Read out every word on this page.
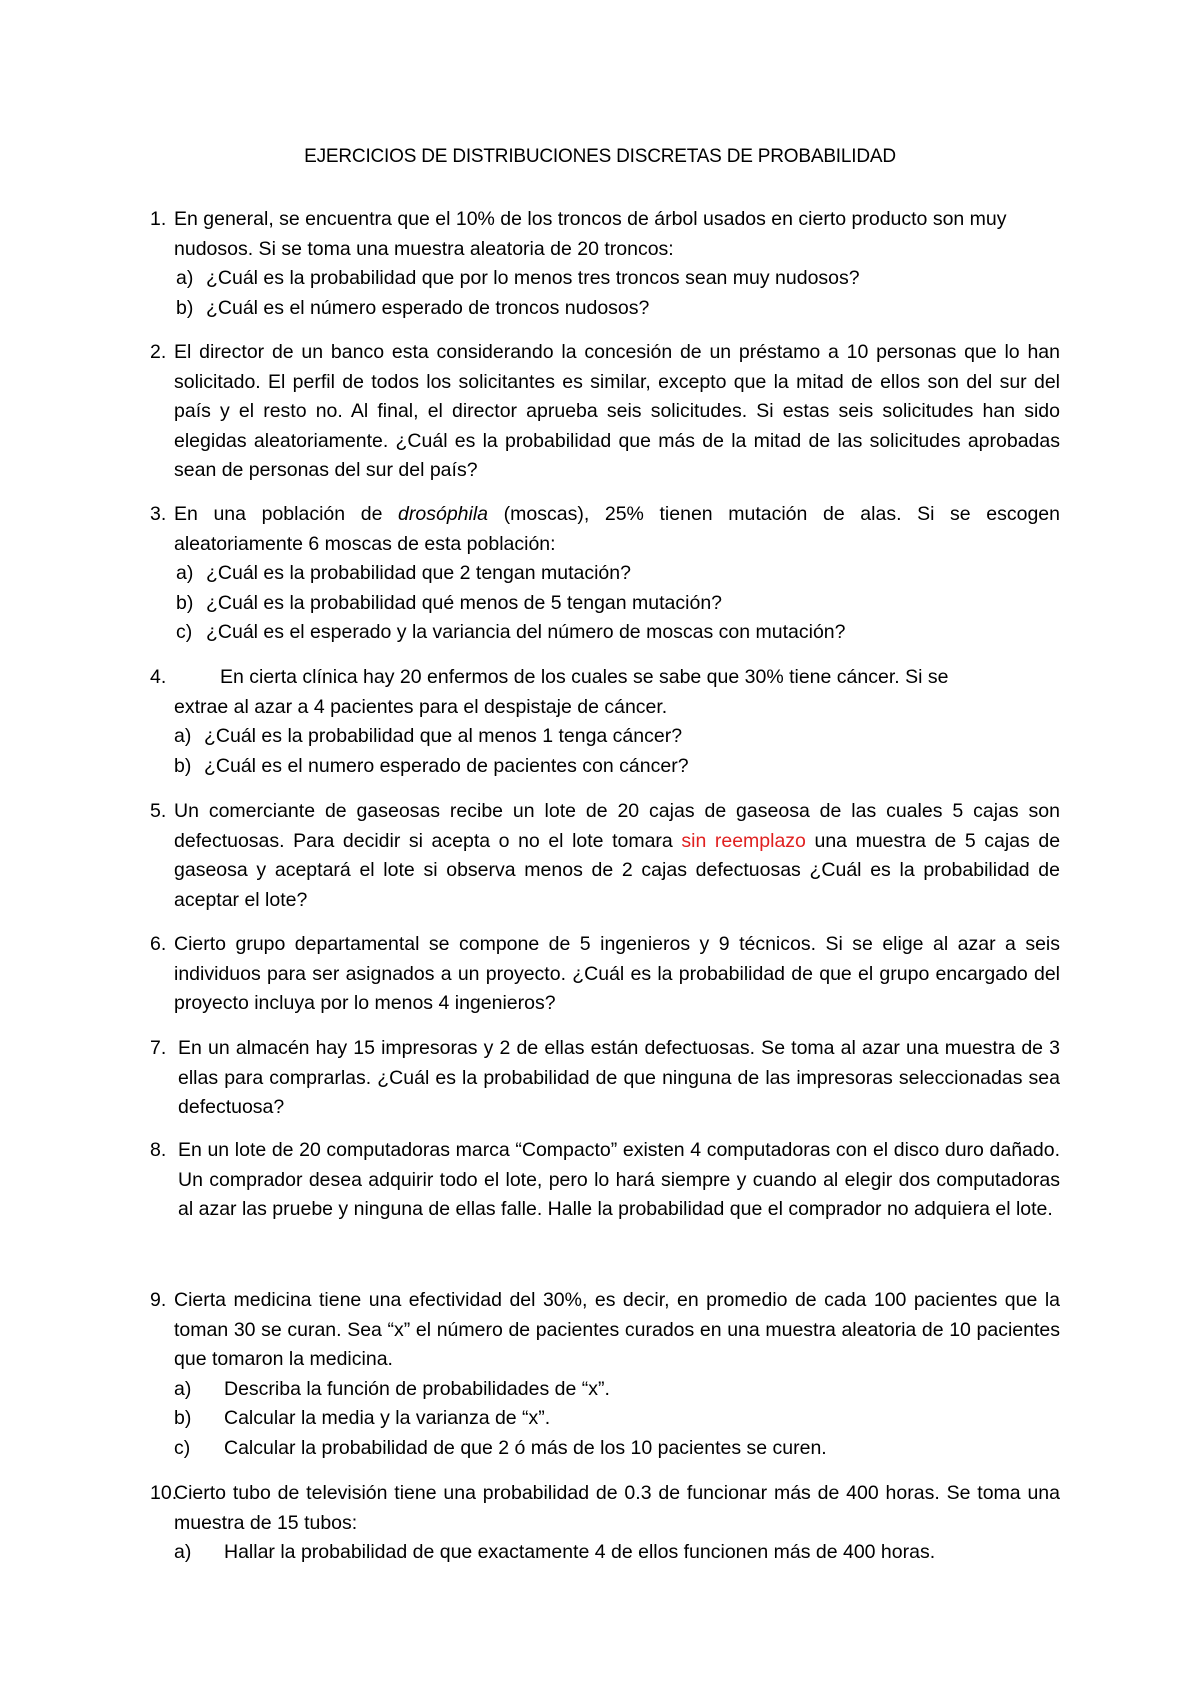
EJERCICIOS DE DISTRIBUCIONES DISCRETAS DE PROBABILIDAD
1. En general, se encuentra que el 10% de los troncos de árbol usados en cierto producto son muy nudosos. Si se toma una muestra aleatoria de 20 troncos:
a) ¿Cuál es la probabilidad que por lo menos tres troncos sean muy nudosos?
b) ¿Cuál es el número esperado de troncos nudosos?
2. El director de un banco esta considerando la concesión de un préstamo a 10 personas que lo han solicitado. El perfil de todos los solicitantes es similar, excepto que la mitad de ellos son del sur del país y el resto no. Al final, el director aprueba seis solicitudes. Si estas seis solicitudes han sido elegidas aleatoriamente. ¿Cuál es la probabilidad que más de la mitad de las solicitudes aprobadas sean de personas del sur del país?
3. En una población de drosóphila (moscas), 25% tienen mutación de alas. Si se escogen aleatoriamente 6 moscas de esta población:
a) ¿Cuál es la probabilidad que 2 tengan mutación?
b) ¿Cuál es la probabilidad qué menos de 5 tengan mutación?
c) ¿Cuál es el esperado y la variancia del número de moscas con mutación?
4.	En cierta clínica hay 20 enfermos de los cuales se sabe que 30% tiene cáncer. Si se
extrae al azar a 4 pacientes para el despistaje de cáncer.
a) ¿Cuál es la probabilidad que al menos 1 tenga cáncer?
b) ¿Cuál es el numero esperado de pacientes con cáncer?
5. Un comerciante de gaseosas recibe un lote de 20 cajas de gaseosa de las cuales 5 cajas son defectuosas. Para decidir si acepta o no el lote tomara sin reemplazo una muestra de 5 cajas de gaseosa y aceptará el lote si observa menos de 2 cajas defectuosas ¿Cuál es la probabilidad de aceptar el lote?
6. Cierto grupo departamental se compone de 5 ingenieros y 9 técnicos. Si se elige al azar a seis individuos para ser asignados a un proyecto. ¿Cuál es la probabilidad de que el grupo encargado del proyecto incluya por lo menos 4 ingenieros?
7. En un almacén hay 15 impresoras y 2 de ellas están defectuosas. Se toma al azar una muestra de 3 ellas para comprarlas. ¿Cuál es la probabilidad de que ninguna de las impresoras seleccionadas sea defectuosa?
8. En un lote de 20 computadoras marca “Compacto” existen 4 computadoras con el disco duro dañado. Un comprador desea adquirir todo el lote, pero lo hará siempre y cuando al elegir dos computadoras al azar las pruebe y ninguna de ellas falle. Halle la probabilidad que el comprador no adquiera el lote.
9. Cierta medicina tiene una efectividad del 30%, es decir, en promedio de cada 100 pacientes que la toman 30 se curan. Sea “x” el número de pacientes curados en una muestra aleatoria de 10 pacientes que tomaron la medicina.
a)	Describa la función de probabilidades de “x”.
b)	Calcular la media y la varianza de “x”.
c)	Calcular la probabilidad de que 2 ó más de los 10 pacientes se curen.
10.
Cierto tubo de televisión tiene una probabilidad de 0.3 de funcionar más de 400 horas. Se toma una muestra de 15 tubos:
a)	Hallar la probabilidad de que exactamente 4 de ellos funcionen más de 400 horas.
